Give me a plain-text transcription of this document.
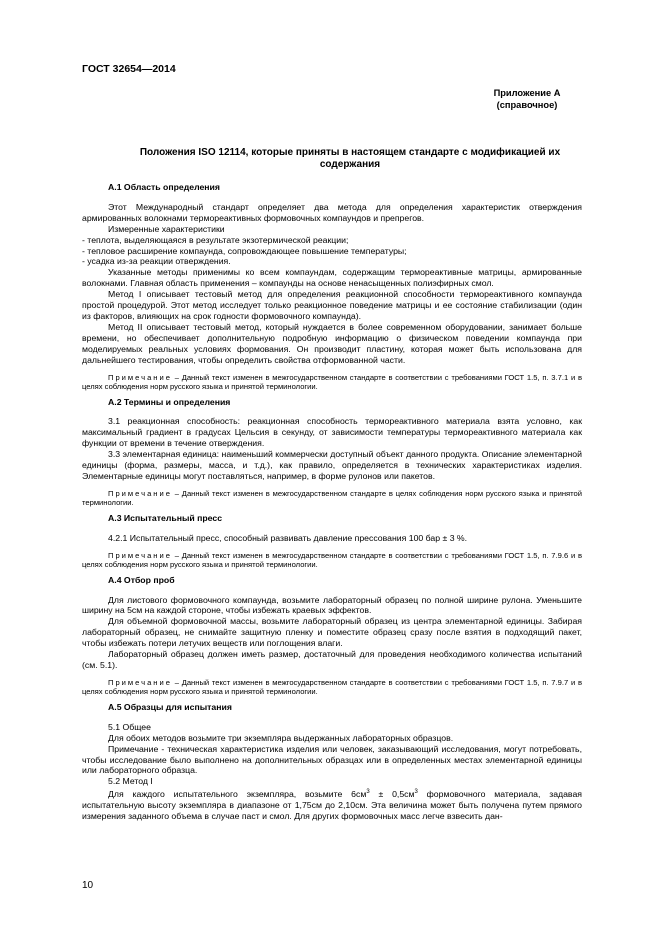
ГОСТ 32654—2014
Приложение А
(справочное)
Положения ISO 12114, которые приняты в настоящем стандарте с модификацией их содержания

А.1 Область определения

Этот Международный стандарт определяет два метода для определения характеристик отверждения армированных волокнами термореактивных формовочных компаундов и препрегов.

Измеренные характеристики

- теплота, выделяющаяся в результате экзотермической реакции;

- тепловое расширение компаунда, сопровождающее повышение температуры;

- усадка из-за реакции отверждения.

Указанные методы применимы ко всем компаундам, содержащим термореактивные матрицы, армированные волокнами. Главная область применения – компаунды на основе ненасыщенных полиэфирных смол.

Метод I описывает тестовый метод для определения реакционной способности термореактивного компаунда простой процедурой. Этот метод исследует только реакционное поведение матрицы и ее состояние стабилизации (один из факторов, влияющих на срок годности формовочного компаунда).

Метод II описывает тестовый метод, который нуждается в более современном оборудовании, занимает больше времени, но обеспечивает дополнительную подробную информацию о физическом поведении компаунда при моделируемых реальных условиях формования. Он производит пластину, которая может быть использована для дальнейшего тестирования, чтобы определить свойства отформованной части.

Примечание – Данный текст изменен в межгосударственном стандарте в соответствии с требованиями ГОСТ 1.5, п. 3.7.1 и в целях соблюдения норм русского языка и принятой терминологии.

А.2 Термины и определения

3.1 реакционная способность: реакционная способность термореактивного материала взята условно, как максимальный градиент в градусах Цельсия в секунду, от зависимости температуры термореактивного материала как функции от времени в течение отверждения.

3.3 элементарная единица: наименьший коммерчески доступный объект данного продукта. Описание элементарной единицы (форма, размеры, масса, и т.д.), как правило, определяется в технических характеристиках изделия. Элементарные единицы могут поставляться, например, в форме рулонов или пакетов.

Примечание – Данный текст изменен в межгосударственном стандарте в целях соблюдения норм русского языка и принятой терминологии.

А.3 Испытательный пресс

4.2.1 Испытательный пресс, способный развивать давление прессования 100 бар ± 3 %.

Примечание – Данный текст изменен в межгосударственном стандарте в соответствии с требованиями ГОСТ 1.5, п. 7.9.6 и в целях соблюдения норм русского языка и принятой терминологии.

А.4 Отбор проб

Для листового формовочного компаунда, возьмите лабораторный образец по полной ширине рулона. Уменьшите ширину на 5см на каждой стороне, чтобы избежать краевых эффектов.

Для объемной формовочной массы, возьмите лабораторный образец из центра элементарной единицы. Забирая лабораторный образец, не снимайте защитную пленку и поместите образец сразу после взятия в подходящий пакет, чтобы избежать потери летучих веществ или поглощения влаги.

Лабораторный образец должен иметь размер, достаточный для проведения необходимого количества испытаний (см. 5.1).

Примечание – Данный текст изменен в межгосударственном стандарте в соответствии с требованиями ГОСТ 1.5, п. 7.9.7 и в целях соблюдения норм русского языка и принятой терминологии.

А.5 Образцы для испытания

5.1 Общее

Для обоих методов возьмите три экземпляра выдержанных лабораторных образцов.

Примечание - техническая характеристика изделия или человек, заказывающий исследования, могут потребовать, чтобы исследование было выполнено на дополнительных образцах или в определенных местах элементарной единицы или лабораторного образца.

5.2 Метод I

Для каждого испытательного экземпляра, возьмите $6см^3 \pm 0,5см^3$ формовочного материала, задавая испытательную высоту экземпляра в диапазоне от 1,75см до 2,10см. Эта величина может быть получена путем прямого измерения заданного объема в случае паст и смол. Для других формовочных масс легче взвесить дан-

10
